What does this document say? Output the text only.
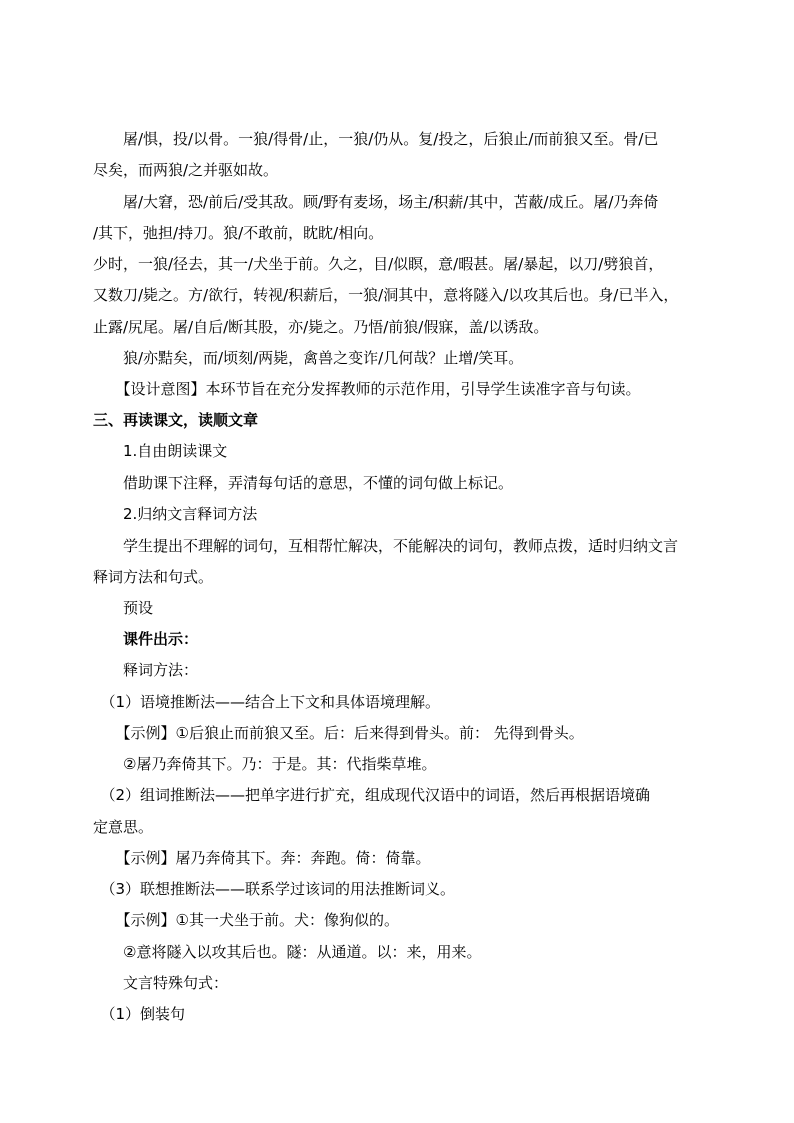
　　屠/惧，投/以骨。一狼/得骨/止，一狼/仍从。复/投之，后狼止/而前狼又至。骨/已
尽矣，而两狼/之并驱如故。
　　屠/大窘，恐/前后/受其敌。顾/野有麦场，场主/积薪/其中，苫蔽/成丘。屠/乃奔倚
/其下，弛担/持刀。狼/不敢前，眈眈/相向。
少时，一狼/径去，其一/犬坐于前。久之，目/似瞑，意/暇甚。屠/暴起，以刀/劈狼首，
又数刀/毙之。方/欲行，转视/积薪后，一狼/洞其中，意将隧入/以攻其后也。身/已半入，
止露/尻尾。屠/自后/断其股，亦/毙之。乃悟/前狼/假寐，盖/以诱敌。
　　狼/亦黠矣，而/顷刻/两毙，禽兽之变诈/几何哉？止增/笑耳。
　　【设计意图】本环节旨在充分发挥教师的示范作用，引导学生读准字音与句读。
三、再读课文，读顺文章
　　1.自由朗读课文
　　借助课下注释，弄清每句话的意思，不懂的词句做上标记。
　　2.归纳文言释词方法
　　学生提出不理解的词句，互相帮忙解决，不能解决的词句，教师点拨，适时归纳文言
释词方法和句式。
　　预设
　　课件出示：
　　释词方法：
　（1）语境推断法——结合上下文和具体语境理解。
　　【示例】①后狼止而前狼又至。后：后来得到骨头。前： 先得到骨头。
　　②屠乃奔倚其下。乃：于是。其：代指柴草堆。
　（2）组词推断法——把单字进行扩充，组成现代汉语中的词语，然后再根据语境确
定意思。
　　【示例】屠乃奔倚其下。奔：奔跑。倚：倚靠。
　（3）联想推断法——联系学过该词的用法推断词义。
　　【示例】①其一犬坐于前。犬：像狗似的。
　　②意将隧入以攻其后也。隧：从通道。以：来，用来。
　　文言特殊句式：
　（1）倒装句
